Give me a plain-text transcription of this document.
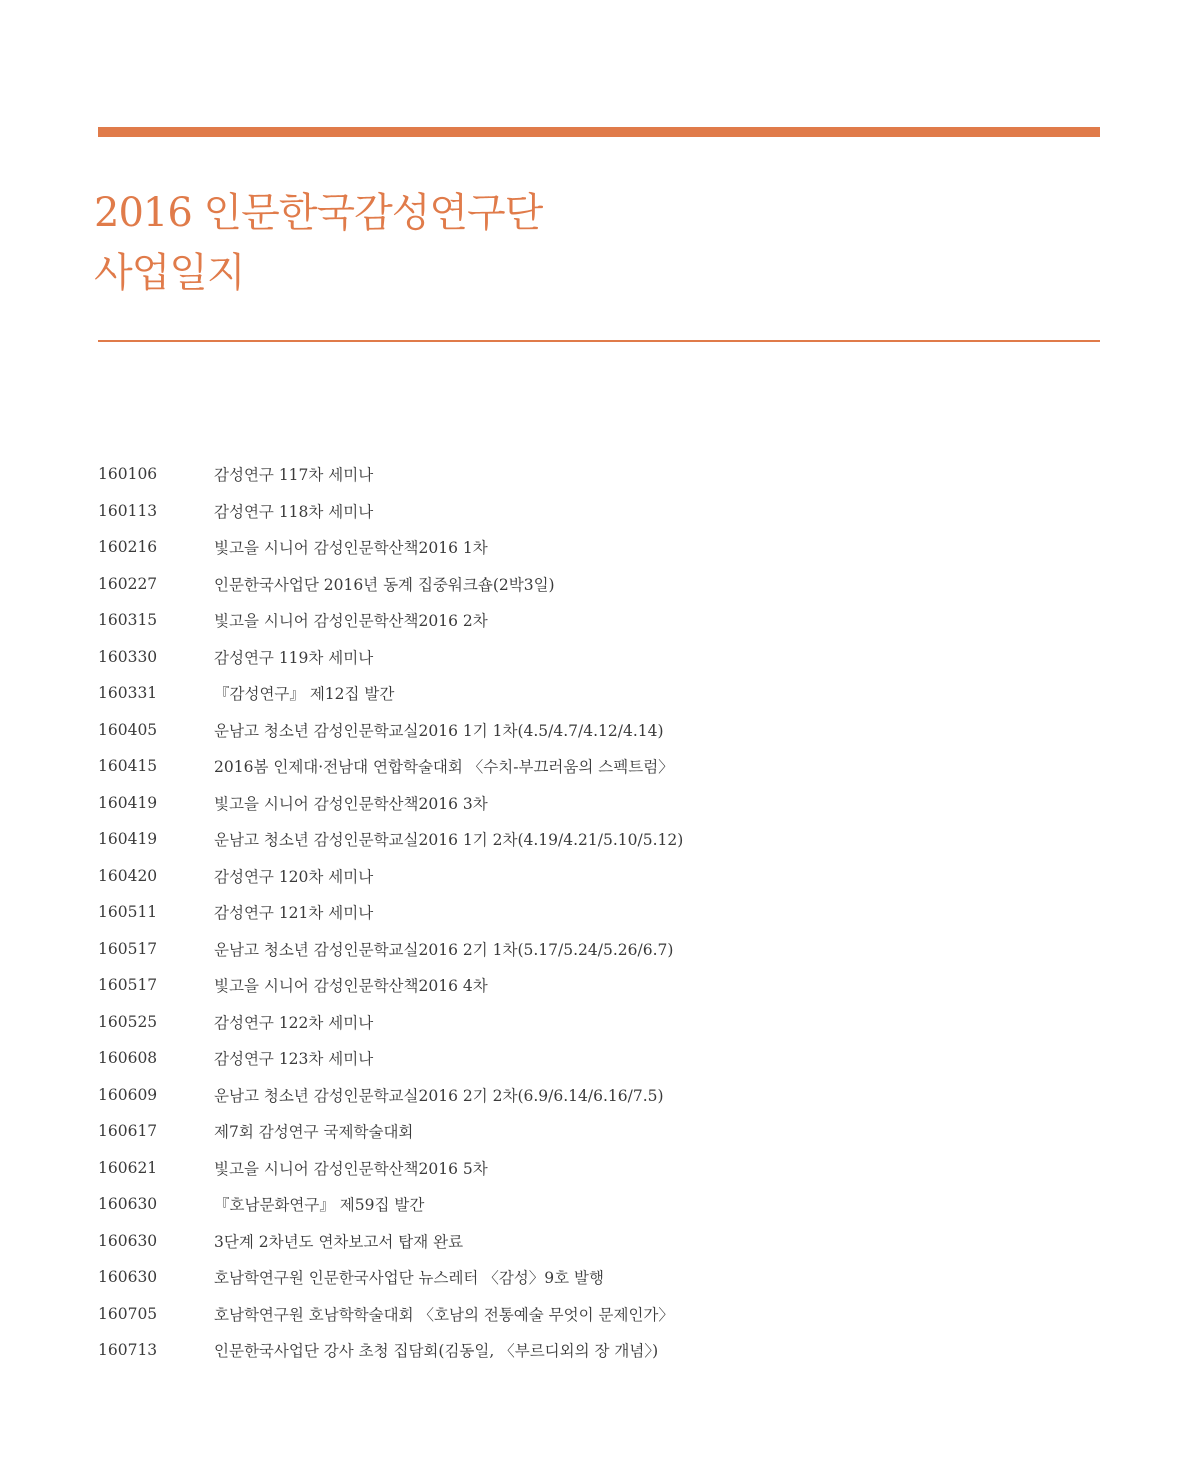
2016 인문한국감성연구단
사업일지
160106	감성연구 117차 세미나
160113	감성연구 118차 세미나
160216	빛고을 시니어 감성인문학산책2016 1차
160227	인문한국사업단 2016년 동계 집중워크숍(2박3일)
160315	빛고을 시니어 감성인문학산책2016 2차
160330	감성연구 119차 세미나
160331	『감성연구』 제12집 발간
160405	운남고 청소년 감성인문학교실2016 1기 1차(4.5/4.7/4.12/4.14)
160415	2016봄 인제대·전남대 연합학술대회 〈수치-부끄러움의 스펙트럼〉
160419	빛고을 시니어 감성인문학산책2016 3차
160419	운남고 청소년 감성인문학교실2016 1기 2차(4.19/4.21/5.10/5.12)
160420	감성연구 120차 세미나
160511	감성연구 121차 세미나
160517	운남고 청소년 감성인문학교실2016 2기 1차(5.17/5.24/5.26/6.7)
160517	빛고을 시니어 감성인문학산책2016 4차
160525	감성연구 122차 세미나
160608	감성연구 123차 세미나
160609	운남고 청소년 감성인문학교실2016 2기 2차(6.9/6.14/6.16/7.5)
160617	제7회 감성연구 국제학술대회
160621	빛고을 시니어 감성인문학산책2016 5차
160630	『호남문화연구』 제59집 발간
160630	3단계 2차년도 연차보고서 탑재 완료
160630	호남학연구원 인문한국사업단 뉴스레터 〈감성〉9호 발행
160705	호남학연구원 호남학학술대회 〈호남의 전통예술 무엇이 문제인가〉
160713	인문한국사업단 강사 초청 집담회(김동일, 〈부르디외의 장 개념〉)
